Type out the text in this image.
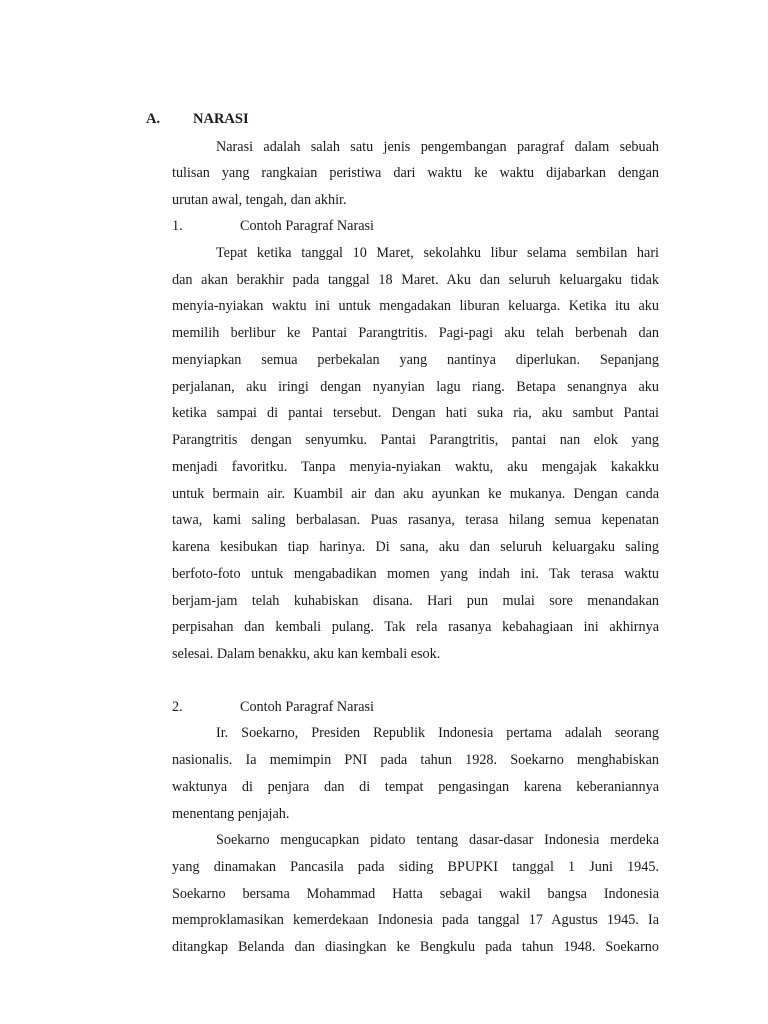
A. NARASI
Narasi adalah salah satu jenis pengembangan paragraf dalam sebuah
tulisan yang rangkaian peristiwa dari waktu ke waktu dijabarkan dengan
urutan awal, tengah, dan akhir.
1.	Contoh Paragraf Narasi
Tepat ketika tanggal 10 Maret, sekolahku libur selama sembilan hari
dan akan berakhir pada tanggal 18 Maret. Aku dan seluruh keluargaku tidak
menyia-nyiakan waktu ini untuk mengadakan liburan keluarga. Ketika itu aku
memilih berlibur ke Pantai Parangtritis. Pagi-pagi aku telah berbenah dan
menyiapkan semua perbekalan yang nantinya diperlukan. Sepanjang
perjalanan, aku iringi dengan nyanyian lagu riang. Betapa senangnya aku
ketika sampai di pantai tersebut. Dengan hati suka ria, aku sambut Pantai
Parangtritis dengan senyumku. Pantai Parangtritis, pantai nan elok yang
menjadi favoritku. Tanpa menyia-nyiakan waktu, aku mengajak kakakku
untuk bermain air. Kuambil air dan aku ayunkan ke mukanya. Dengan canda
tawa, kami saling berbalasan. Puas rasanya, terasa hilang semua kepenatan
karena kesibukan tiap harinya. Di sana, aku dan seluruh keluargaku saling
berfoto-foto untuk mengabadikan momen yang indah ini. Tak terasa waktu
berjam-jam telah kuhabiskan disana. Hari pun mulai sore menandakan
perpisahan dan kembali pulang. Tak rela rasanya kebahagiaan ini akhirnya
selesai. Dalam benakku, aku kan kembali esok.
2.	Contoh Paragraf Narasi
Ir. Soekarno, Presiden Republik Indonesia pertama adalah seorang
nasionalis. Ia memimpin PNI pada tahun 1928. Soekarno menghabiskan
waktunya di penjara dan di tempat pengasingan karena keberaniannya
menentang penjajah.
Soekarno mengucapkan pidato tentang dasar-dasar Indonesia merdeka
yang dinamakan Pancasila pada siding BPUPKI tanggal 1 Juni 1945.
Soekarno bersama Mohammad Hatta sebagai wakil bangsa Indonesia
memproklamasikan kemerdekaan Indonesia pada tanggal 17 Agustus 1945. Ia
ditangkap Belanda dan diasingkan ke Bengkulu pada tahun 1948. Soekarno
